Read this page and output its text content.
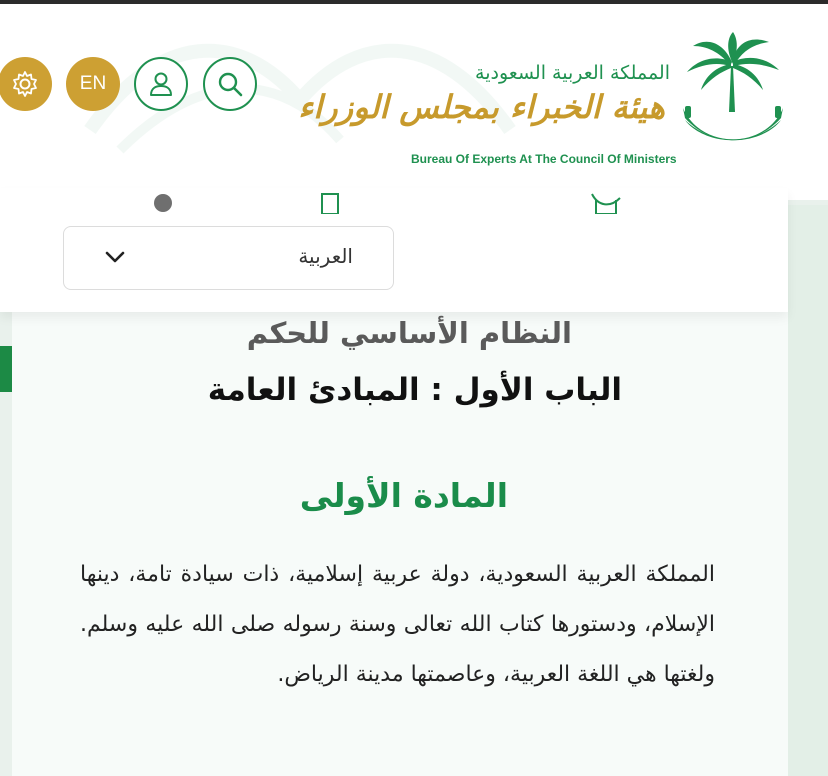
EN	المملكة العربية السعودية
هيئة الخبراء بمجلس الوزراء
Bureau Of Experts At The Council Of Ministers
العربية
النظام الأساسي للحكم
الباب الأول : المبادئ العامة
المادة الأولى
المملكة العربية السعودية، دولة عربية إسلامية، ذات سيادة تامة، دينها الإسلام، ودستورها كتاب الله تعالى وسنة رسوله صلى الله عليه وسلم. ولغتها هي اللغة العربية، وعاصمتها مدينة الرياض.
